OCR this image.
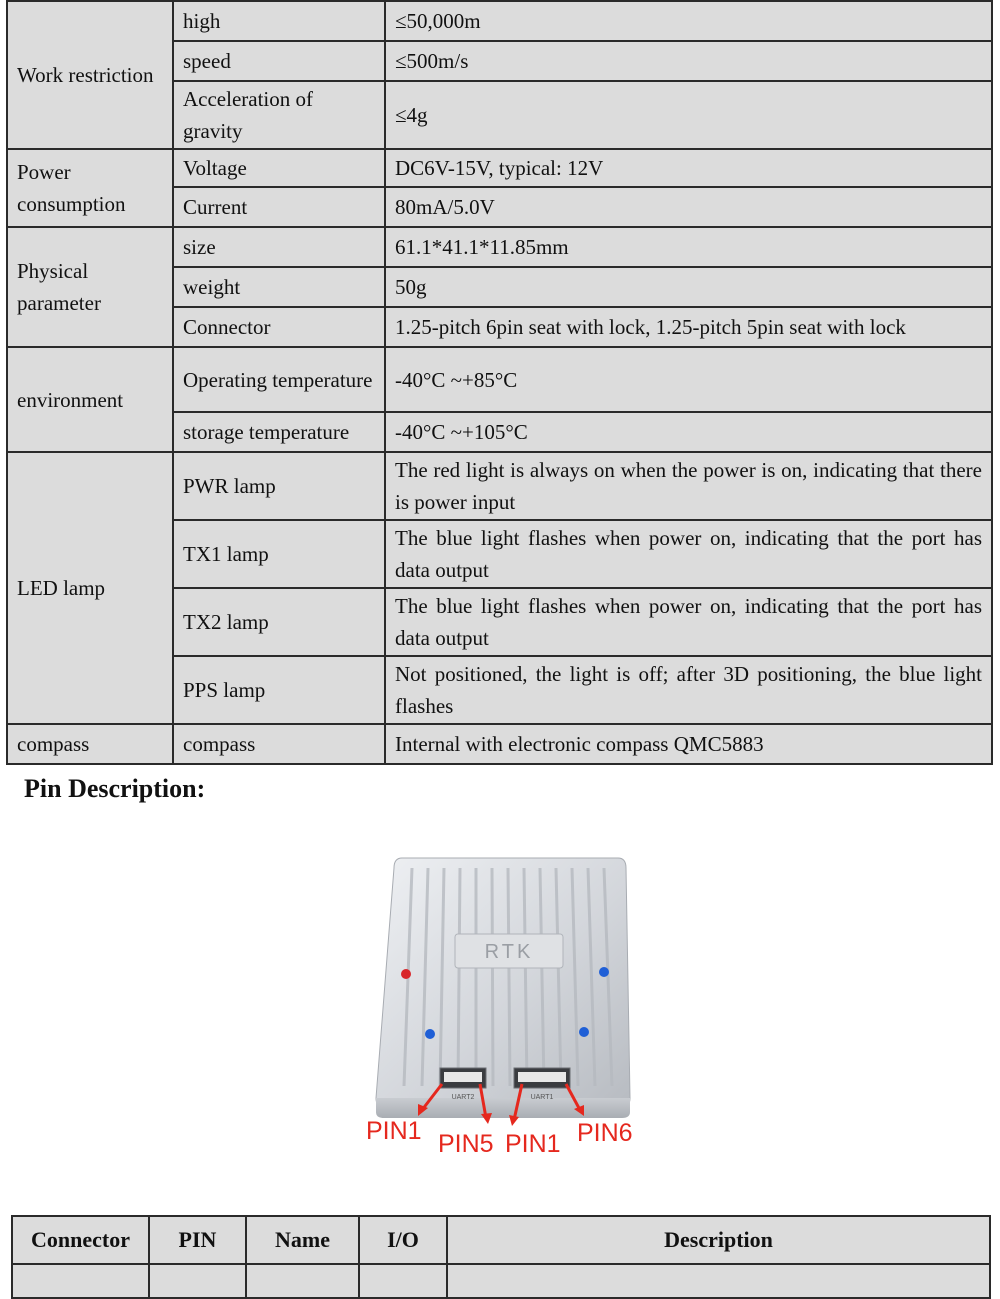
Work restriction	high	≤50,000m
	speed	≤500m/s
	Acceleration of gravity	≤4g
Power consumption	Voltage	DC6V-15V, typical: 12V
	Current	80mA/5.0V
Physical parameter	size	61.1*41.1*11.85mm
	weight	50g
	Connector	1.25-pitch 6pin seat with lock, 1.25-pitch 5pin seat with lock
environment	Operating temperature	-40°C ~+85°C
	storage temperature	-40°C ~+105°C
LED lamp	PWR lamp	The red light is always on when the power is on, indicating that there is power input
	TX1 lamp	The blue light flashes when power on, indicating that the port has data output
	TX2 lamp	The blue light flashes when power on, indicating that the port has data output
	PPS lamp	Not positioned, the light is off; after 3D positioning, the blue light flashes
compass	compass	Internal with electronic compass QMC5883
Pin Description:
RTK
UART2	UART1
PIN1 PIN5 PIN1 PIN6
Connector	PIN	Name	I/O	Description
